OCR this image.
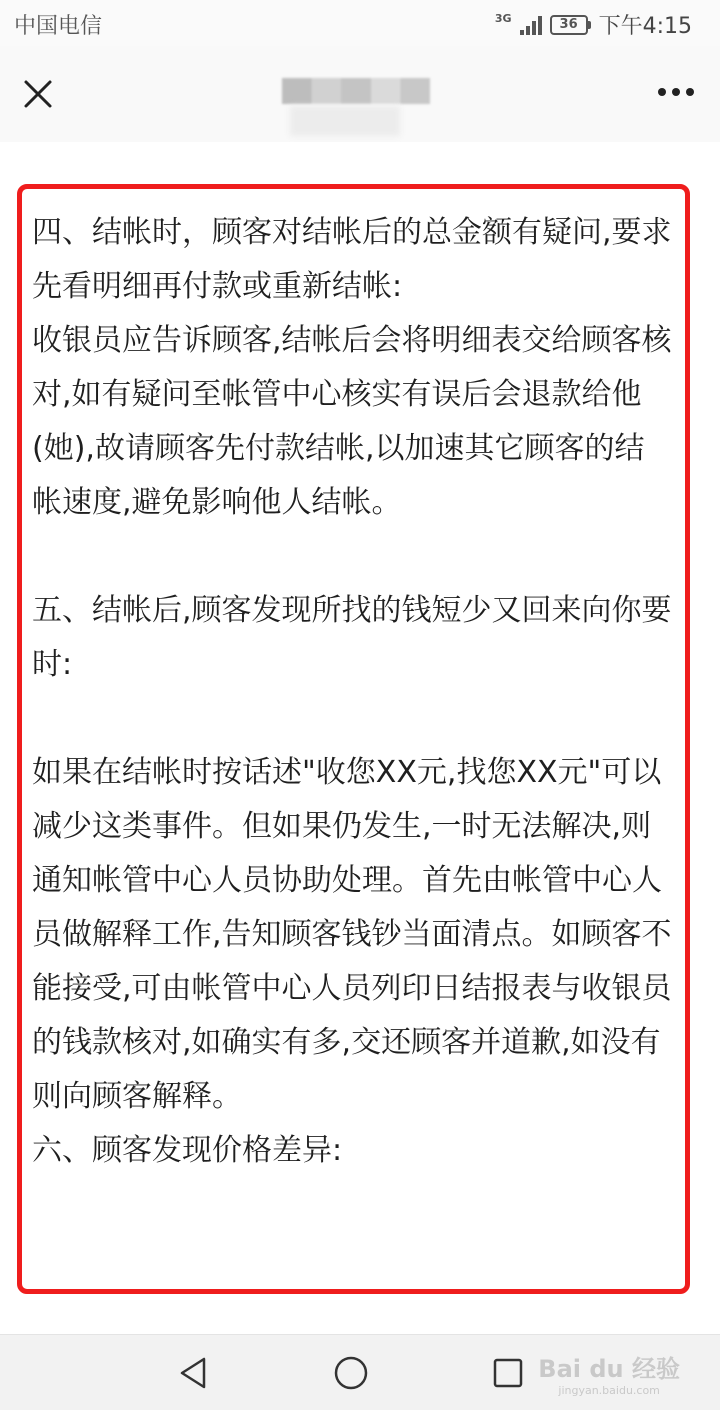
中国电信	3G	36 下午4:15

四、结帐时，顾客对结帐后的总金额有疑问,要求先看明细再付款或重新结帐:

收银员应告诉顾客,结帐后会将明细表交给顾客核对,如有疑问至帐管中心核实有误后会退款给他(她),故请顾客先付款结帐,以加速其它顾客的结帐速度,避免影响他人结帐。

五、结帐后,顾客发现所找的钱短少又回来向你要时:

如果在结帐时按话述"收您XX元,找您XX元"可以减少这类事件。但如果仍发生,一时无法解决,则通知帐管中心人员协助处理。首先由帐管中心人员做解释工作,告知顾客钱钞当面清点。如顾客不能接受,可由帐管中心人员列印日结报表与收银员的钱款核对,如确实有多,交还顾客并道歉,如没有则向顾客解释。

六、顾客发现价格差异:

Bai du 经验
jingyan.baidu.com
